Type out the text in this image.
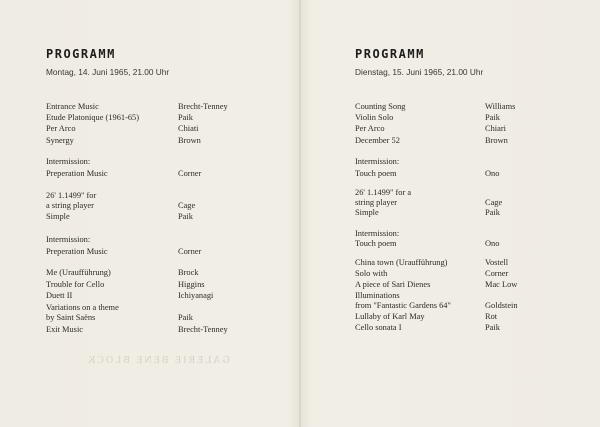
GALERIE BENE BLOCK
PROGRAMM
Montag, 14. Juni 1965, 21.00 Uhr
Entrance Music	Brecht-Tenney
Etude Platonique (1961-65)	Paik
Per Arco	Chiati
Synergy	Brown
Intermission:
Preperation Music	Corner
26' 1.1499" for
a string player	Cage
Simple	Paik
Intermission:
Preperation Music	Corner
Me (Uraufführung)	Brock
Trouble for Cello	Higgins
Duett II	Ichiyanagi
Variations on a theme
by Saint Saëns	Paik
Exit Music	Brecht-Tenney
PROGRAMM
Dienstag, 15. Juni 1965, 21.00 Uhr
Counting Song	Williams
Violin Solo	Paik
Per Arco	Chiari
December 52	Brown
Intermission:
Touch poem	Ono
26' 1.1499" for a
string player	Cage
Simple	Paik
Intermission:
Touch poem	Ono
China town (Uraufführung)	Vostell
Solo with	Corner
A piece of Sari Dienes	Mac Low
Illuminations
from "Fantastic Gardens 64"	Goldstein
Lullaby of Karl May	Rot
Cello sonata I	Paik
